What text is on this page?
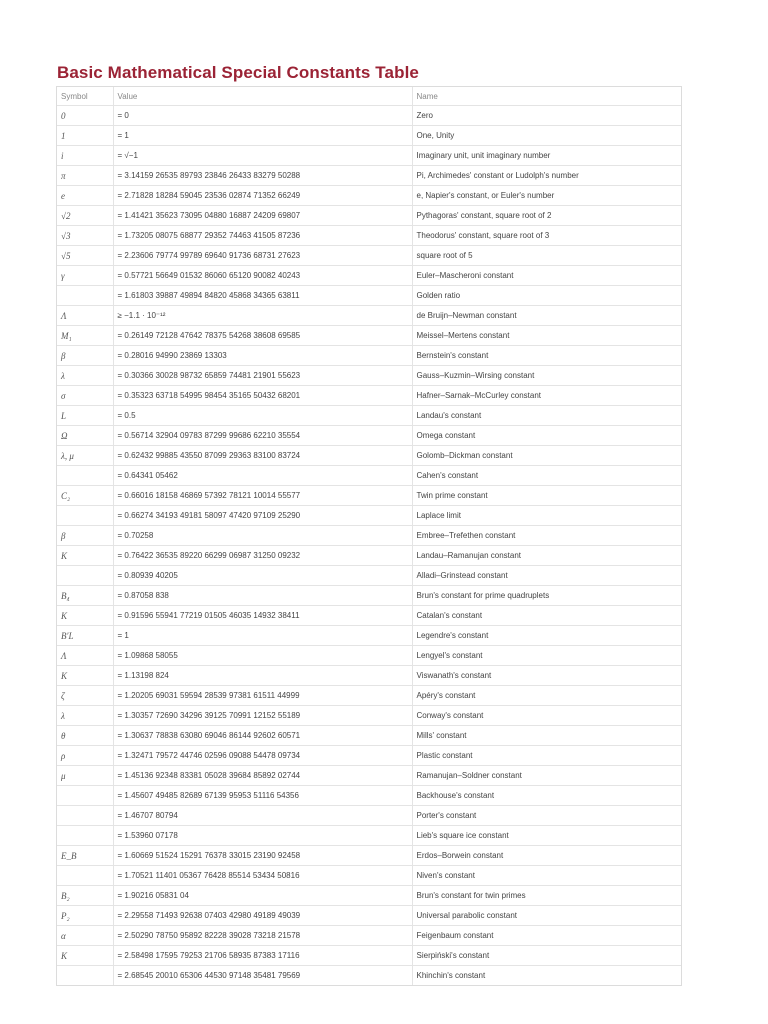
Basic Mathematical Special Constants Table
Symbol	Value	Name
0	= 0	Zero
1	= 1	One, Unity
i	= √−1	Imaginary unit, unit imaginary number
π	= 3.14159 26535 89793 23846 26433 83279 50288	Pi, Archimedes' constant or Ludolph's number
e	= 2.71828 18284 59045 23536 02874 71352 66249	e, Napier's constant, or Euler's number
√2	= 1.41421 35623 73095 04880 16887 24209 69807	Pythagoras' constant, square root of 2
√3	= 1.73205 08075 68877 29352 74463 41505 87236	Theodorus' constant, square root of 3
√5	= 2.23606 79774 99789 69640 91736 68731 27623	square root of 5
γ	= 0.57721 56649 01532 86060 65120 90082 40243	Euler–Mascheroni constant
	= 1.61803 39887 49894 84820 45868 34365 63811	Golden ratio
Λ	≥ −1.1 · 10⁻¹²	de Bruijn–Newman constant
M₁	= 0.26149 72128 47642 78375 54268 38608 69585	Meissel–Mertens constant
β	= 0.28016 94990 23869 13303	Bernstein's constant
λ	= 0.30366 30028 98732 65859 74481 21901 55623	Gauss–Kuzmin–Wirsing constant
σ	= 0.35323 63718 54995 98454 35165 50432 68201	Hafner–Sarnak–McCurley constant
L	= 0.5	Landau's constant
Ω	= 0.56714 32904 09783 87299 99686 62210 35554	Omega constant
λ, μ	= 0.62432 99885 43550 87099 29363 83100 83724	Golomb–Dickman constant
	= 0.64341 05462	Cahen's constant
C₂	= 0.66016 18158 46869 57392 78121 10014 55577	Twin prime constant
	= 0.66274 34193 49181 58097 47420 97109 25290	Laplace limit
β	= 0.70258	Embree–Trefethen constant
K	= 0.76422 36535 89220 66299 06987 31250 09232	Landau–Ramanujan constant
	= 0.80939 40205	Alladi–Grinstead constant
B₄	= 0.87058 838	Brun's constant for prime quadruplets
K	= 0.91596 55941 77219 01505 46035 14932 38411	Catalan's constant
B′L	= 1	Legendre's constant
Λ	= 1.09868 58055	Lengyel's constant
K	= 1.13198 824	Viswanath's constant
ζ	= 1.20205 69031 59594 28539 97381 61511 44999	Apéry's constant
λ	= 1.30357 72690 34296 39125 70991 12152 55189	Conway's constant
θ	= 1.30637 78838 63080 69046 86144 92602 60571	Mills' constant
ρ	= 1.32471 79572 44746 02596 09088 54478 09734	Plastic constant
μ	= 1.45136 92348 83381 05028 39684 85892 02744	Ramanujan–Soldner constant
	= 1.45607 49485 82689 67139 95953 51116 54356	Backhouse's constant
	= 1.46707 80794	Porter's constant
	= 1.53960 07178	Lieb's square ice constant
E_B	= 1.60669 51524 15291 76378 33015 23190 92458	Erdos–Borwein constant
	= 1.70521 11401 05367 76428 85514 53434 50816	Niven's constant
B₂	= 1.90216 05831 04	Brun's constant for twin primes
P₂	= 2.29558 71493 92638 07403 42980 49189 49039	Universal parabolic constant
α	= 2.50290 78750 95892 82228 39028 73218 21578	Feigenbaum constant
K	= 2.58498 17595 79253 21706 58935 87383 17116	Sierpiński's constant
	= 2.68545 20010 65306 44530 97148 35481 79569	Khinchin's constant
